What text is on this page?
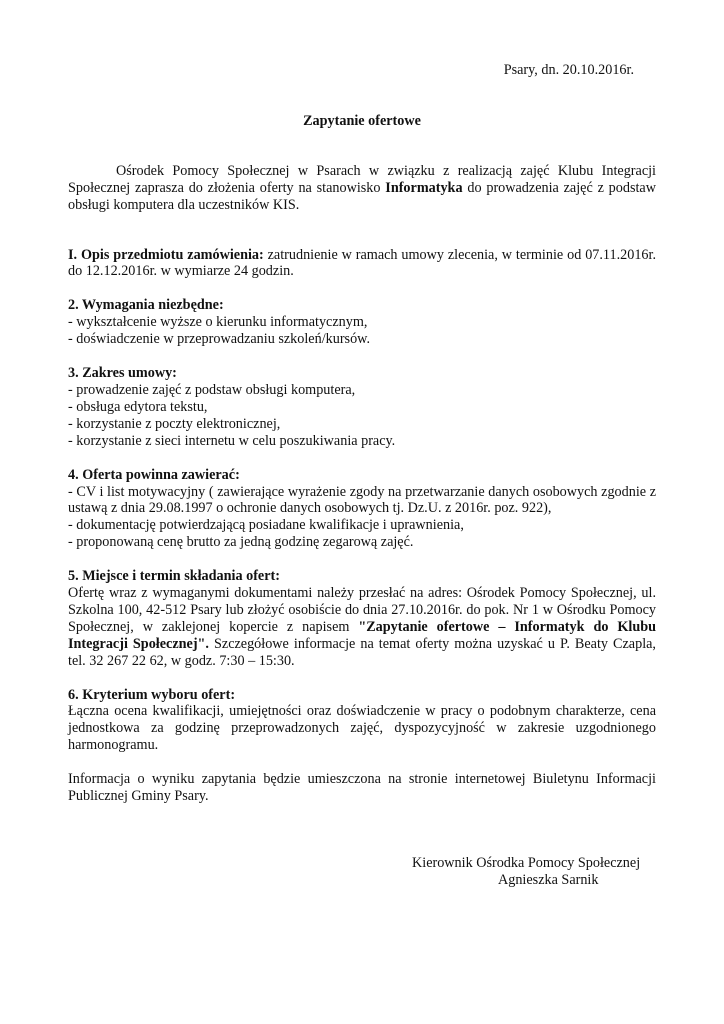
Psary, dn. 20.10.2016r.
Zapytanie ofertowe

Ośrodek Pomocy Społecznej w Psarach w związku z realizacją zajęć Klubu Integracji Społecznej zaprasza do złożenia oferty na stanowisko Informatyka do prowadzenia zajęć z podstaw obsługi komputera dla uczestników KIS.

I. Opis przedmiotu zamówienia: zatrudnienie w ramach umowy zlecenia, w terminie od 07.11.2016r. do 12.12.2016r. w wymiarze 24 godzin.

2. Wymagania niezbędne:
- wykształcenie wyższe o kierunku informatycznym,
- doświadczenie w przeprowadzaniu szkoleń/kursów.
3. Zakres umowy:
- prowadzenie zajęć z podstaw obsługi komputera,
- obsługa edytora tekstu,
- korzystanie z poczty elektronicznej,
- korzystanie z sieci internetu w celu poszukiwania pracy.
4. Oferta powinna zawierać:
- CV i list motywacyjny ( zawierające wyrażenie zgody na przetwarzanie danych osobowych zgodnie z ustawą z dnia 29.08.1997 o ochronie danych osobowych tj. Dz.U. z 2016r. poz. 922),
- dokumentację potwierdzającą posiadane kwalifikacje i uprawnienia,
- proponowaną cenę brutto za jedną godzinę zegarową zajęć.
5. Miejsce i termin składania ofert:

Ofertę wraz z wymaganymi dokumentami należy przesłać na adres: Ośrodek Pomocy Społecznej, ul. Szkolna 100, 42-512 Psary lub złożyć osobiście do dnia 27.10.2016r. do pok. Nr 1 w Ośrodku Pomocy Społecznej, w zaklejonej kopercie z napisem "Zapytanie ofertowe – Informatyk do Klubu Integracji Społecznej". Szczegółowe informacje na temat oferty można uzyskać u P. Beaty Czapla, tel. 32 267 22 62, w godz. 7:30 – 15:30.

6. Kryterium wyboru ofert:

Łączna ocena kwalifikacji, umiejętności oraz doświadczenie w pracy o podobnym charakterze, cena jednostkowa za godzinę przeprowadzonych zajęć, dyspozycyjność w zakresie uzgodnionego harmonogramu.

Informacja o wyniku zapytania będzie umieszczona na stronie internetowej Biuletynu Informacji Publicznej Gminy Psary.

Kierownik Ośrodka Pomocy Społecznej
Agnieszka Sarnik
